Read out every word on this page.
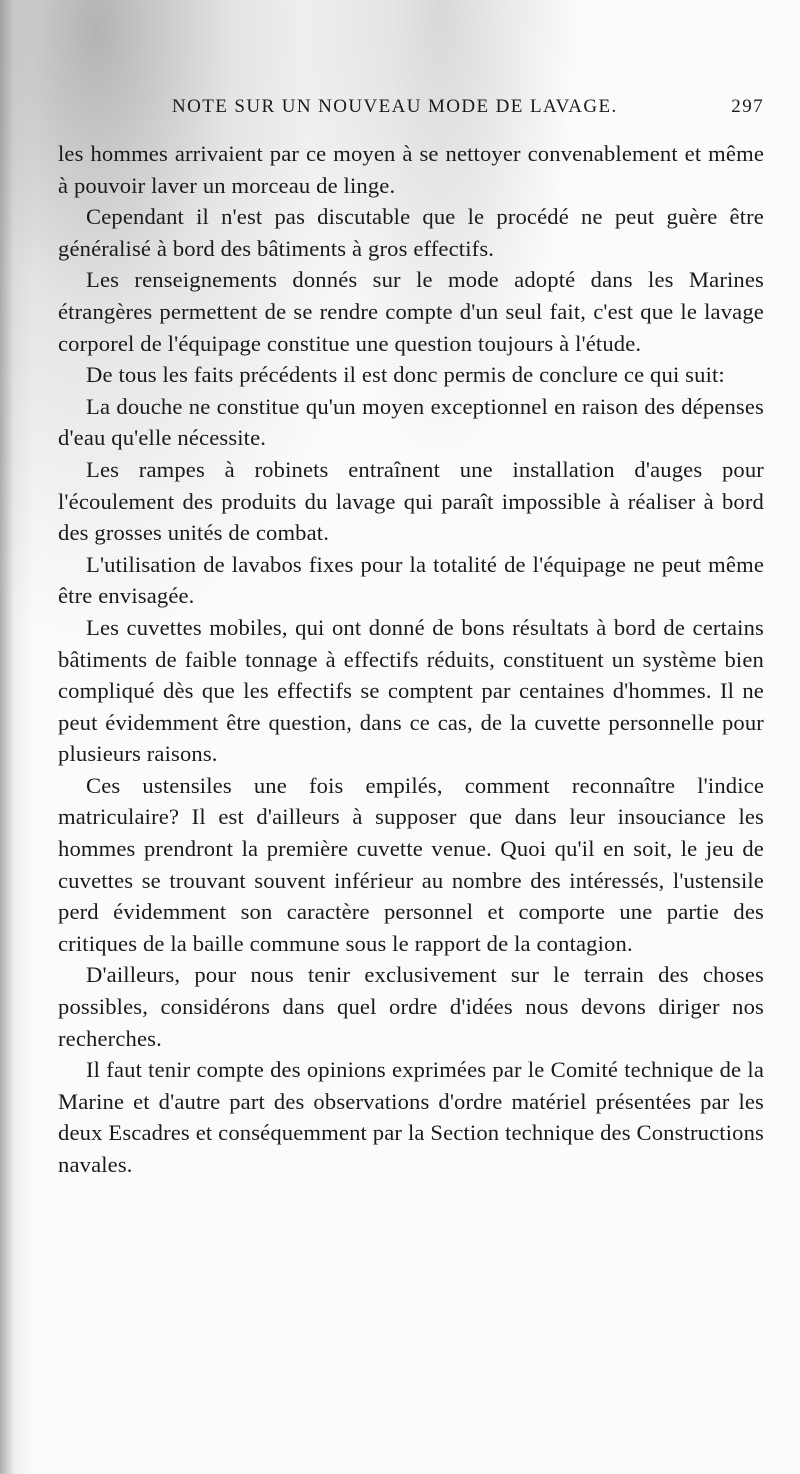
NOTE SUR UN NOUVEAU MODE DE LAVAGE.	297

les hommes arrivaient par ce moyen à se nettoyer convenablement et même à pouvoir laver un morceau de linge.

Cependant il n'est pas discutable que le procédé ne peut guère être généralisé à bord des bâtiments à gros effectifs.

Les renseignements donnés sur le mode adopté dans les Marines étrangères permettent de se rendre compte d'un seul fait, c'est que le lavage corporel de l'équipage constitue une question toujours à l'étude.

De tous les faits précédents il est donc permis de conclure ce qui suit:

La douche ne constitue qu'un moyen exceptionnel en raison des dépenses d'eau qu'elle nécessite.

Les rampes à robinets entraînent une installation d'auges pour l'écoulement des produits du lavage qui paraît impossible à réaliser à bord des grosses unités de combat.

L'utilisation de lavabos fixes pour la totalité de l'équipage ne peut même être envisagée.

Les cuvettes mobiles, qui ont donné de bons résultats à bord de certains bâtiments de faible tonnage à effectifs réduits, constituent un système bien compliqué dès que les effectifs se comptent par centaines d'hommes. Il ne peut évidemment être question, dans ce cas, de la cuvette personnelle pour plusieurs raisons.

Ces ustensiles une fois empilés, comment reconnaître l'indice matriculaire? Il est d'ailleurs à supposer que dans leur insouciance les hommes prendront la première cuvette venue. Quoi qu'il en soit, le jeu de cuvettes se trouvant souvent inférieur au nombre des intéressés, l'ustensile perd évidemment son caractère personnel et comporte une partie des critiques de la baille commune sous le rapport de la contagion.

D'ailleurs, pour nous tenir exclusivement sur le terrain des choses possibles, considérons dans quel ordre d'idées nous devons diriger nos recherches.

Il faut tenir compte des opinions exprimées par le Comité technique de la Marine et d'autre part des observations d'ordre matériel présentées par les deux Escadres et conséquemment par la Section technique des Constructions navales.
